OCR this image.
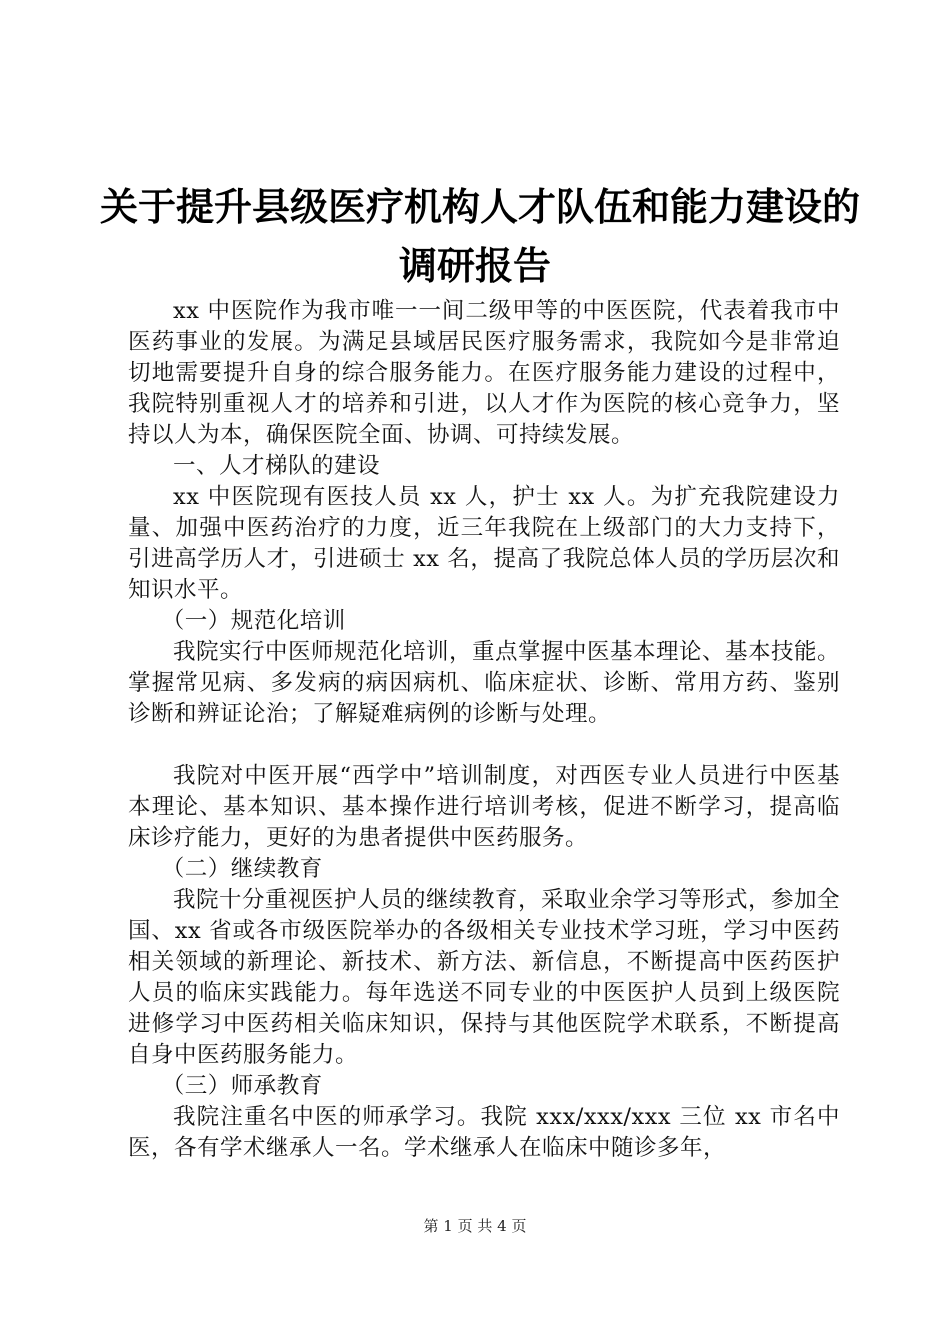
关于提升县级医疗机构人才队伍和能力建设的
调研报告

xx 中医院作为我市唯一一间二级甲等的中医医院，代表着我市中医药事业的发展。为满足县域居民医疗服务需求，我院如今是非常迫切地需要提升自身的综合服务能力。在医疗服务能力建设的过程中，我院特别重视人才的培养和引进，以人才作为医院的核心竞争力，坚持以人为本，确保医院全面、协调、可持续发展。

一、人才梯队的建设

xx 中医院现有医技人员 xx 人，护士 xx 人。为扩充我院建设力量、加强中医药治疗的力度，近三年我院在上级部门的大力支持下，引进高学历人才，引进硕士 xx 名，提高了我院总体人员的学历层次和知识水平。

（一）规范化培训

我院实行中医师规范化培训，重点掌握中医基本理论、基本技能。掌握常见病、多发病的病因病机、临床症状、诊断、常用方药、鉴别诊断和辨证论治；了解疑难病例的诊断与处理。

我院对中医开展“西学中”培训制度，对西医专业人员进行中医基本理论、基本知识、基本操作进行培训考核，促进不断学习，提高临床诊疗能力，更好的为患者提供中医药服务。

（二）继续教育

我院十分重视医护人员的继续教育，采取业余学习等形式，参加全国、xx 省或各市级医院举办的各级相关专业技术学习班，学习中医药相关领域的新理论、新技术、新方法、新信息，不断提高中医药医护人员的临床实践能力。每年选送不同专业的中医医护人员到上级医院进修学习中医药相关临床知识，保持与其他医院学术联系，不断提高自身中医药服务能力。

（三）师承教育

我院注重名中医的师承学习。我院 xxx/xxx/xxx 三位 xx 市名中医，各有学术继承人一名。学术继承人在临床中随诊多年，

第 1 页 共 4 页
